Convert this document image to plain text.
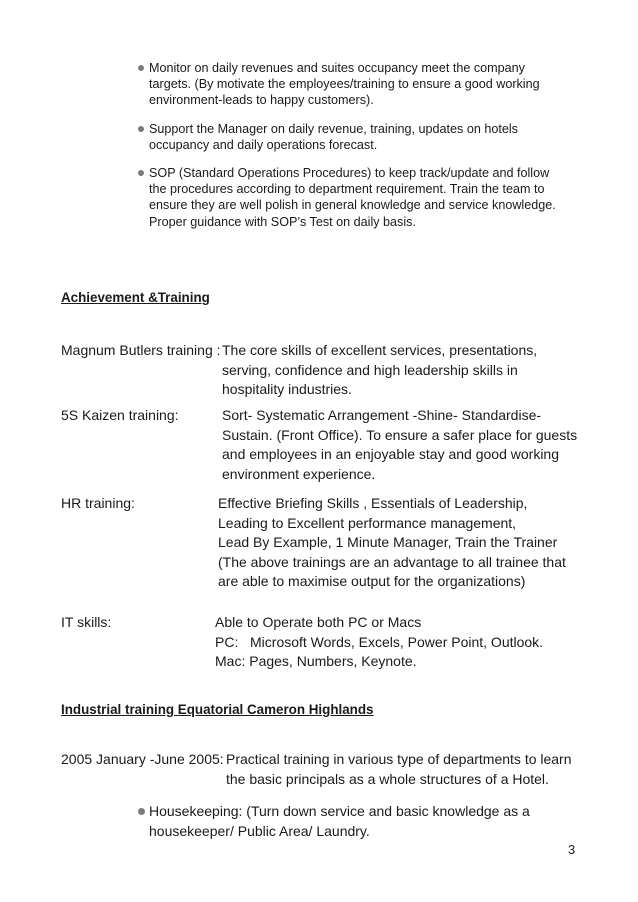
Monitor on daily revenues and suites occupancy meet the company
targets. (By motivate the employees/training to ensure a good working
environment-leads to happy customers).
Support the Manager on daily revenue, training, updates on hotels
occupancy and daily operations forecast.
SOP (Standard Operations Procedures) to keep track/update and follow
the procedures according to department requirement. Train the team to
ensure they are well polish in general knowledge and service knowledge.
Proper guidance with SOP’s Test on daily basis.
Achievement &Training
Magnum Butlers training : The core skills of excellent services, presentations,
serving, confidence and high leadership skills in
hospitality industries.
5S Kaizen training:	Sort- Systematic Arrangement -Shine- Standardise-
Sustain. (Front Office). To ensure a safer place for guests
and employees in an enjoyable stay and good working
environment experience.
HR training:	Effective Briefing Skills , Essentials of Leadership,
Leading to Excellent performance management,
Lead By Example, 1 Minute Manager, Train the Trainer
(The above trainings are an advantage to all trainee that
are able to maximise output for the organizations)
IT skills:	Able to Operate both PC or Macs
PC:   Microsoft Words, Excels, Power Point, Outlook.
Mac: Pages, Numbers, Keynote.
Industrial training Equatorial Cameron Highlands
2005 January -June 2005: Practical training in various type of departments to learn
the basic principals as a whole structures of a Hotel.
Housekeeping: (Turn down service and basic knowledge as a
housekeeper/ Public Area/ Laundry.
3
